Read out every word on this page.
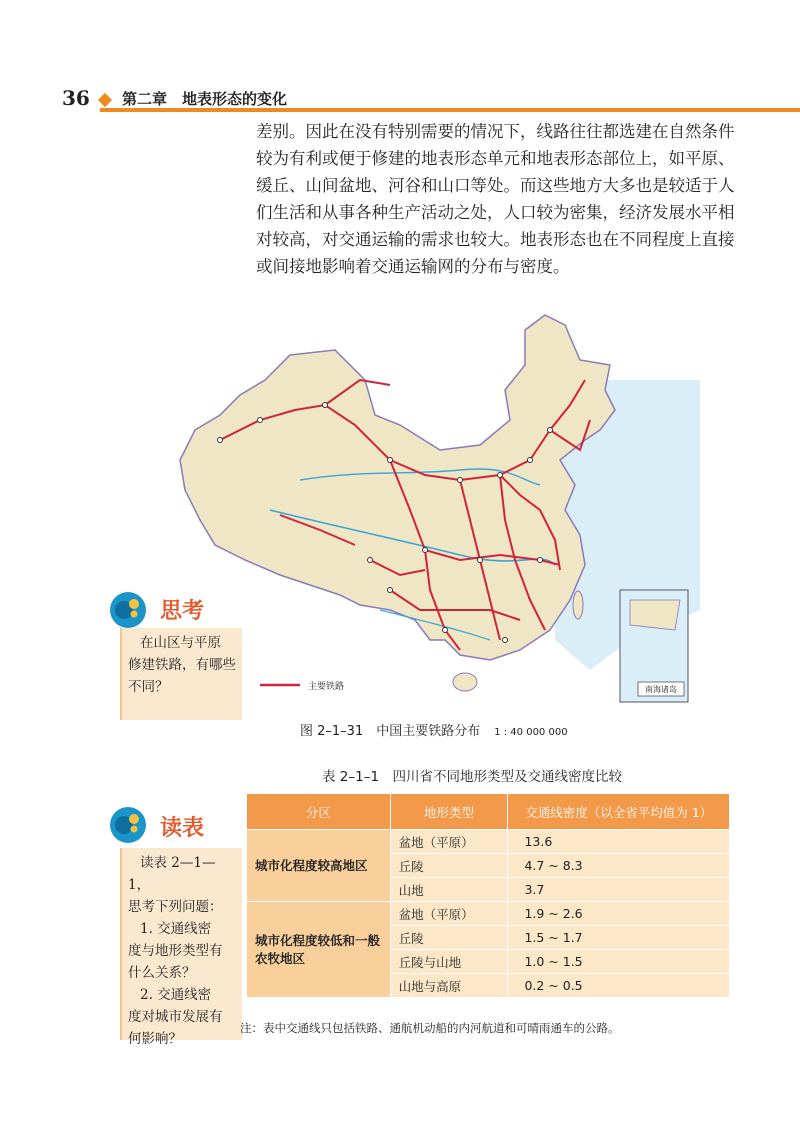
36 第二章　地表形态的变化
差别。因此在没有特别需要的情况下，线路往往都选建在自然条件
较为有利或便于修建的地表形态单元和地表形态部位上，如平原、
缓丘、山间盆地、河谷和山口等处。而这些地方大多也是较适于人
们生活和从事各种生产活动之处，人口较为密集，经济发展水平相
对较高，对交通运输的需求也较大。地表形态也在不同程度上直接
或间接地影响着交通运输网的分布与密度。
南海诸岛
主要铁路
图 2–1–31　中国主要铁路分布 1 : 40 000 000
思考
在山区与平原
修建铁路，有哪些
不同？
读表
读表 2—1—1，
思考下列问题：
1. 交通线密
度与地形类型有
什么关系？
2. 交通线密
度对城市发展有
何影响？
表 2–1–1　四川省不同地形类型及交通线密度比较
分区	地形类型	交通线密度（以全省平均值为 1）
城市化程度较高地区	盆地（平原）	13.6
	丘陵	4.7 ~ 8.3
	山地	3.7
城市化程度较低和一般农牧地区	盆地（平原）	1.9 ~ 2.6
	丘陵	1.5 ~ 1.7
	丘陵与山地	1.0 ~ 1.5
	山地与高原	0.2 ~ 0.5
注：表中交通线只包括铁路、通航机动船的内河航道和可晴雨通车的公路。
